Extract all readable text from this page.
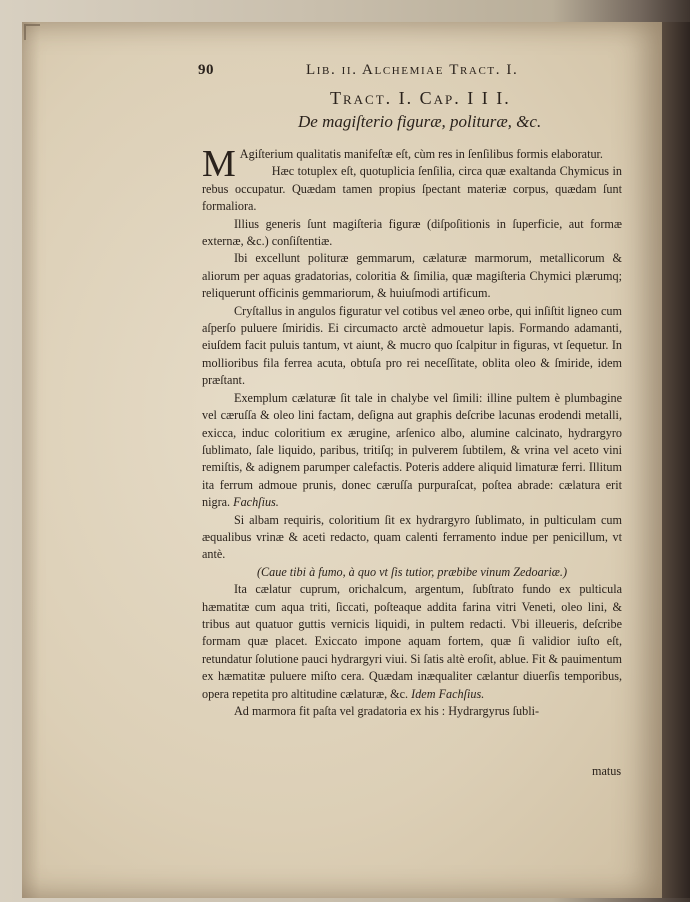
90	Lib. ii. Alchemiae Tract. I.
Tract. I. Cap. I I I.
De magiſterio figuræ, polituræ, &c.

M Agiſterium qualitatis manifeſtæ eſt, cùm res in ſenſilibus formis elaboratur.

Hæc totuplex eſt, quotuplicia ſenſilia, circa quæ exaltanda Chymicus in rebus occupatur. Quædam tamen propius ſpectant materiæ corpus, quædam ſunt formaliora.

Illius generis ſunt magiſteria figuræ (diſpoſitionis in ſuperficie, aut formæ externæ, &c.) conſiſtentiæ.

Ibi excellunt polituræ gemmarum, cælaturæ marmorum, metallicorum & aliorum per aquas gradatorias, coloritia & ſimilia, quæ magiſteria Chymici plærumq; reliquerunt officinis gemmariorum, & huiuſmodi artificum.

Cryſtallus in angulos figuratur vel cotibus vel æneo orbe, qui inſiſtit ligneo cum aſperſo puluere ſmiridis. Ei circumacto arctè admouetur lapis. Formando adamanti, eiuſdem facit puluis tantum, vt aiunt, & mucro quo ſcalpitur in figuras, vt ſequetur. In mollioribus fila ferrea acuta, obtuſa pro rei neceſſitate, oblita oleo & ſmiride, idem præſtant.

Exemplum cælaturæ ſit tale in chalybe vel ſimili: illine pultem è plumbagine vel cæruſſa & oleo lini factam, deſigna aut graphis deſcribe lacunas erodendi metalli, exicca, induc coloritium ex ærugine, arſenico albo, alumine calcinato, hydrargyro ſublimato, ſale liquido, paribus, tritiſq; in pulverem ſubtilem, & vrina vel aceto vini remiſtis, & adignem parumper calefactis. Poteris addere aliquid limaturæ ferri. Illitum ita ferrum admoue prunis, donec cæruſſa purpuraſcat, poſtea abrade: cælatura erit nigra. Fachſius.

Si albam requiris, coloritium ſit ex hydrargyro ſublimato, in pulticulam cum æqualibus vrinæ & aceti redacto, quam calenti ferramento indue per penicillum, vt antè.

(Caue tibi à fumo, à quo vt ſis tutior, præbibe vinum Zedoariæ.)

Ita cælatur cuprum, orichalcum, argentum, ſubſtrato fundo ex pulticula hæmatitæ cum aqua triti, ſiccati, poſteaque addita farina vitri Veneti, oleo lini, & tribus aut quatuor guttis vernicis liquidi, in pultem redacti. Vbi illeueris, deſcribe formam quæ placet. Exiccato impone aquam fortem, quæ ſi validior iuſto eſt, retundatur ſolutione pauci hydrargyri viui. Si ſatis altè eroſit, ablue. Fit & pauimentum ex hæmatitæ puluere miſto cera. Quædam inæqualiter cælantur diuerſis temporibus, opera repetita pro altitudine cælaturæ, &c. Idem Fachſius.

Ad marmora fit paſta vel gradatoria ex his : Hydrargyrus ſubli-

matus
